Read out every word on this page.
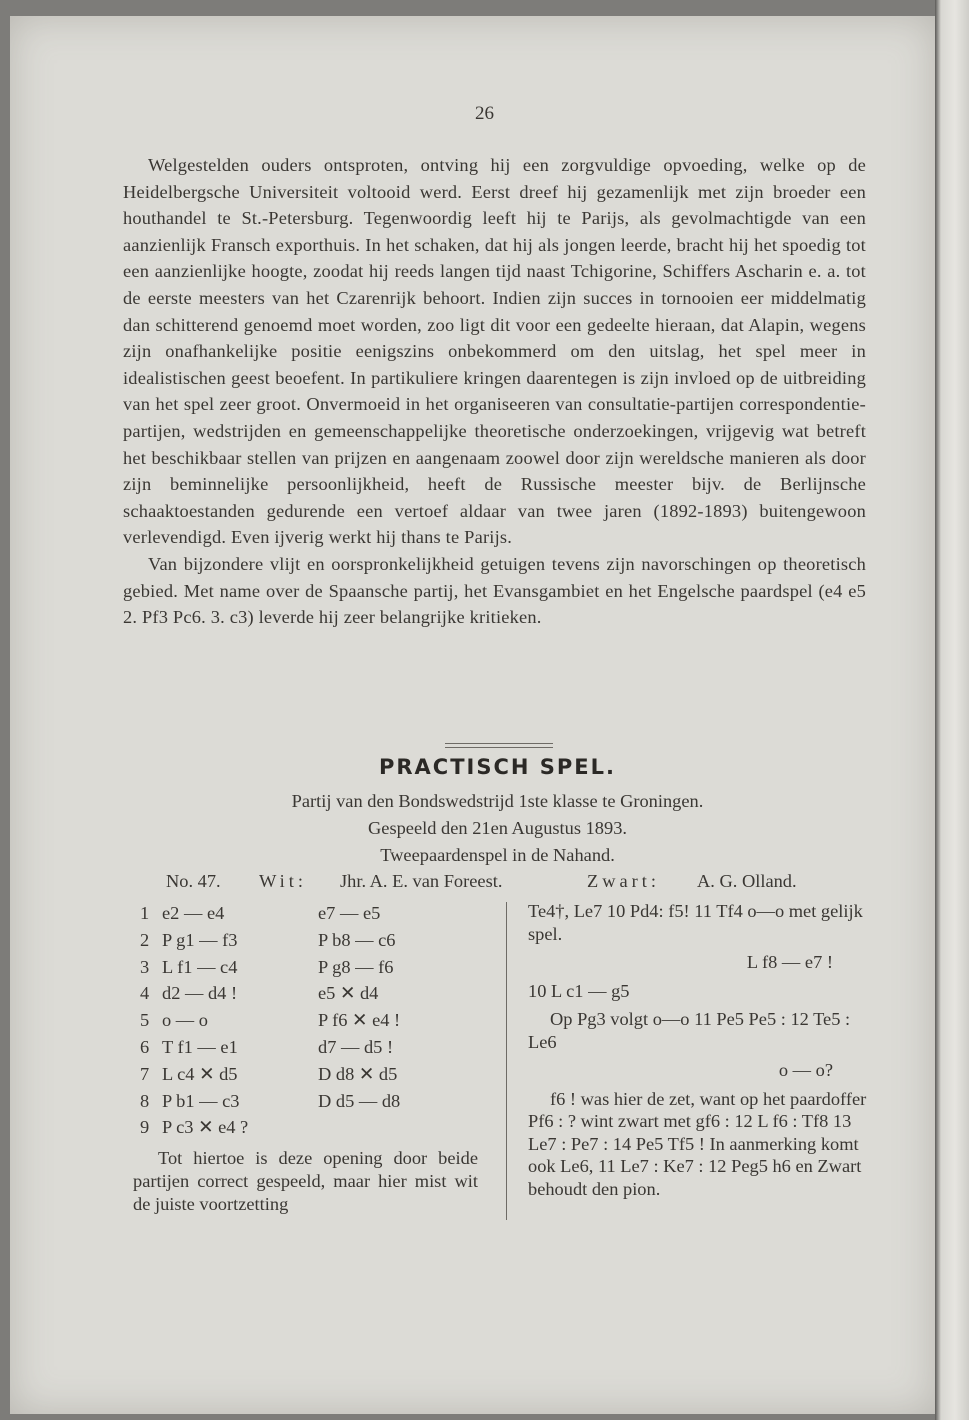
26

Welgestelden ouders ontsproten, ontving hij een zorgvuldige opvoeding, welke op de Heidelbergsche Universiteit voltooid werd. Eerst dreef hij gezamenlijk met zijn broeder een houthandel te St.-Petersburg. Tegenwoordig leeft hij te Parijs, als gevolmachtigde van een aanzienlijk Fransch exporthuis. In het schaken, dat hij als jongen leerde, bracht hij het spoedig tot een aanzienlijke hoogte, zoodat hij reeds langen tijd naast Tchigorine, Schiffers Ascharin e. a. tot de eerste meesters van het Czarenrijk behoort. Indien zijn succes in tornooien eer middelmatig dan schitterend genoemd moet worden, zoo ligt dit voor een gedeelte hieraan, dat Alapin, wegens zijn onafhankelijke positie eenigszins onbekommerd om den uitslag, het spel meer in idealistischen geest beoefent. In partikuliere kringen daarentegen is zijn invloed op de uitbreiding van het spel zeer groot. Onvermoeid in het organiseeren van consultatie-partijen correspondentie-partijen, wedstrijden en gemeenschappelijke theoretische onderzoekingen, vrijgevig wat betreft het beschikbaar stellen van prijzen en aangenaam zoowel door zijn wereldsche manieren als door zijn beminnelijke persoonlijkheid, heeft de Russische meester bijv. de Berlijnsche schaaktoestanden gedurende een vertoef aldaar van twee jaren (1892-1893) buitengewoon verlevendigd. Even ijverig werkt hij thans te Parijs.

Van bijzondere vlijt en oorspronkelijkheid getuigen tevens zijn navorschingen op theoretisch gebied. Met name over de Spaansche partij, het Evansgambiet en het Engelsche paardspel (e4 e5 2. Pf3 Pc6. 3. c3) leverde hij zeer belangrijke kritieken.

PRACTISCH SPEL.
Partij van den Bondswedstrijd 1ste klasse te Groningen.
Gespeeld den 21en Augustus 1893.
Tweepaardenspel in de Nahand.
No. 47. Wit: Jhr. A. E. van Foreest.	Zwart: A. G. Olland.
1 e2 — e4	e7 — e5
2 P g1 — f3	P b8 — c6
3 L f1 — c4	P g8 — f6
4 d2 — d4 !	e5 ✕ d4
5 o — o	P f6 ✕ e4 !
6 T f1 — e1	d7 — d5 !
7 L c4 ✕ d5	D d8 ✕ d5
8 P b1 — c3	D d5 — d8
9 P c3 ✕ e4 ?

Tot hiertoe is deze opening door beide partijen correct gespeeld, maar hier mist wit de juiste voortzetting

Te4†, Le7 10 Pd4: f5! 11 Tf4 o—o met gelijk spel.

L f8 — e7 !

10 L c1 — g5

Op Pg3 volgt o—o 11 Pe5 Pe5 : 12 Te5 : Le6

o — o?

f6 ! was hier de zet, want op het paardoffer Pf6 : ? wint zwart met gf6 : 12 L f6 : Tf8 13 Le7 : Pe7 : 14 Pe5 Tf5 ! In aanmerking komt ook Le6, 11 Le7 : Ke7 : 12 Peg5 h6 en Zwart behoudt den pion.
